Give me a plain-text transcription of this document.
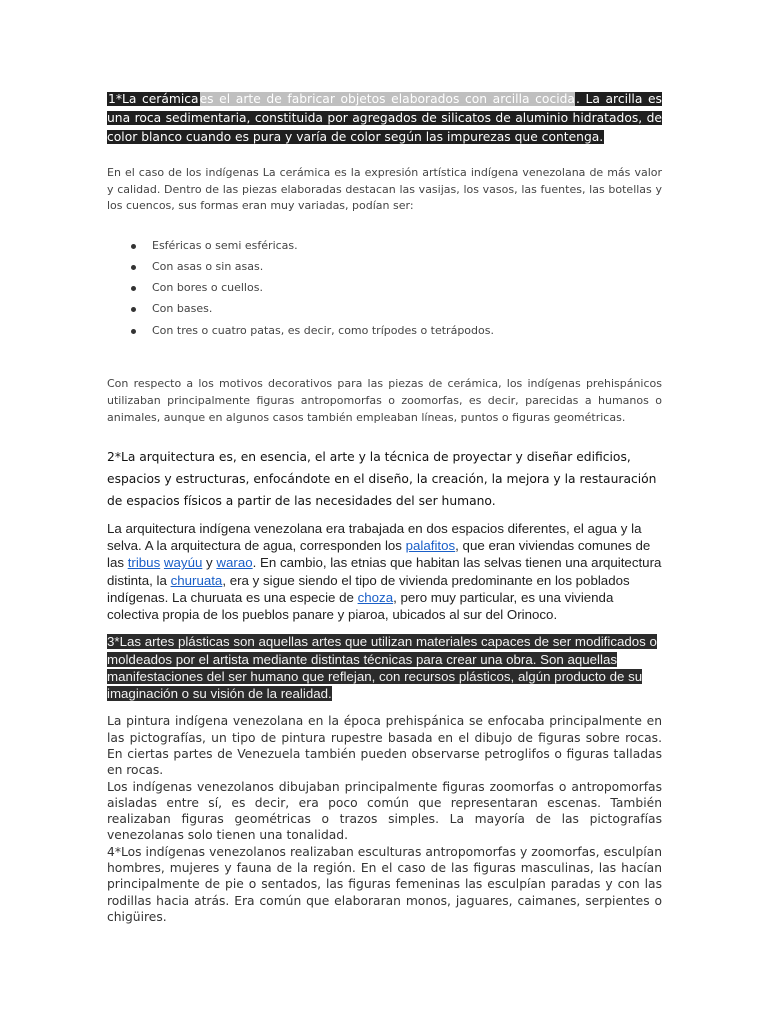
1*La cerámicaes el arte de fabricar objetos elaborados con arcilla cocida. La arcilla es una roca sedimentaria, constituida por agregados de silicatos de aluminio hidratados, de color blanco cuando es pura y varía de color según las impurezas que contenga.

En el caso de los indígenas La cerámica es la expresión artística indígena venezolana de más valor y calidad. Dentro de las piezas elaboradas destacan las vasijas, los vasos, las fuentes, las botellas y los cuencos, sus formas eran muy variadas, podían ser:

Esféricas o semi esféricas.
Con asas o sin asas.
Con bores o cuellos.
Con bases.
Con tres o cuatro patas, es decir, como trípodes o tetrápodos.

Con respecto a los motivos decorativos para las piezas de cerámica, los indígenas prehispánicos utilizaban principalmente figuras antropomorfas o zoomorfas, es decir, parecidas a humanos o animales, aunque en algunos casos también empleaban líneas, puntos o figuras geométricas.

2*La arquitectura es, en esencia, el arte y la técnica de proyectar y diseñar edificios, espacios y estructuras, enfocándote en el diseño, la creación, la mejora y la restauración de espacios físicos a partir de las necesidades del ser humano.

La arquitectura indígena venezolana era trabajada en dos espacios diferentes, el agua y la selva. A la arquitectura de agua, corresponden los palafitos, que eran viviendas comunes de las tribus wayúu y warao. En cambio, las etnias que habitan las selvas tienen una arquitectura distinta, la churuata, era y sigue siendo el tipo de vivienda predominante en los poblados indígenas. La churuata es una especie de choza, pero muy particular, es una vivienda colectiva propia de los pueblos panare y piaroa, ubicados al sur del Orinoco.

3*Las artes plásticas son aquellas artes que utilizan materiales capaces de ser modificados o moldeados por el artista mediante distintas técnicas para crear una obra. Son aquellas manifestaciones del ser humano que reflejan, con recursos plásticos, algún producto de su imaginación o su visión de la realidad.

La pintura indígena venezolana en la época prehispánica se enfocaba principalmente en las pictografías, un tipo de pintura rupestre basada en el dibujo de figuras sobre rocas. En ciertas partes de Venezuela también pueden observarse petroglifos o figuras talladas en rocas.

Los indígenas venezolanos dibujaban principalmente figuras zoomorfas o antropomorfas aisladas entre sí, es decir, era poco común que representaran escenas. También realizaban figuras geométricas o trazos simples. La mayoría de las pictografías venezolanas solo tienen una tonalidad.

4*Los indígenas venezolanos realizaban esculturas antropomorfas y zoomorfas, esculpían hombres, mujeres y fauna de la región. En el caso de las figuras masculinas, las hacían principalmente de pie o sentados, las figuras femeninas las esculpían paradas y con las rodillas hacia atrás. Era común que elaboraran monos, jaguares, caimanes, serpientes o chigüires.
